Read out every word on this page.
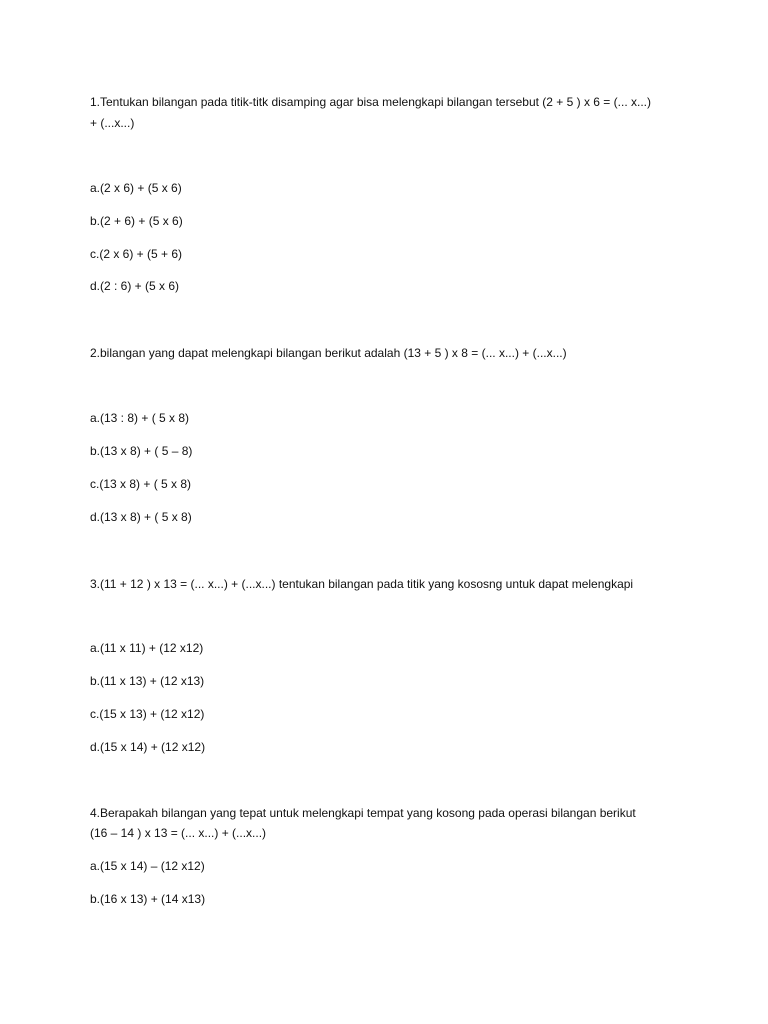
1.Tentukan bilangan pada titik-titk disamping agar bisa melengkapi bilangan tersebut (2 + 5 ) x 6 = (... x...)
+ (...x...)
a.(2 x 6) + (5 x 6)
b.(2 + 6) + (5 x 6)
c.(2 x 6) + (5 + 6)
d.(2 : 6) + (5 x 6)
2.bilangan yang dapat melengkapi bilangan berikut adalah (13 + 5 ) x 8 = (... x...) + (...x...)
a.(13 : 8) + ( 5 x 8)
b.(13 x 8) + ( 5 – 8)
c.(13 x 8) + ( 5 x 8)
d.(13 x 8) + ( 5 x 8)
3.(11 + 12 ) x 13 = (... x...) + (...x...) tentukan bilangan pada titik yang kososng untuk dapat melengkapi
a.(11 x 11) + (12 x12)
b.(11 x 13) + (12 x13)
c.(15 x 13) + (12 x12)
d.(15 x 14) + (12 x12)
4.Berapakah bilangan yang tepat untuk melengkapi tempat yang kosong pada operasi bilangan berikut
(16 – 14 ) x 13 = (... x...) + (...x...)
a.(15 x 14) – (12 x12)
b.(16 x 13) + (14 x13)
